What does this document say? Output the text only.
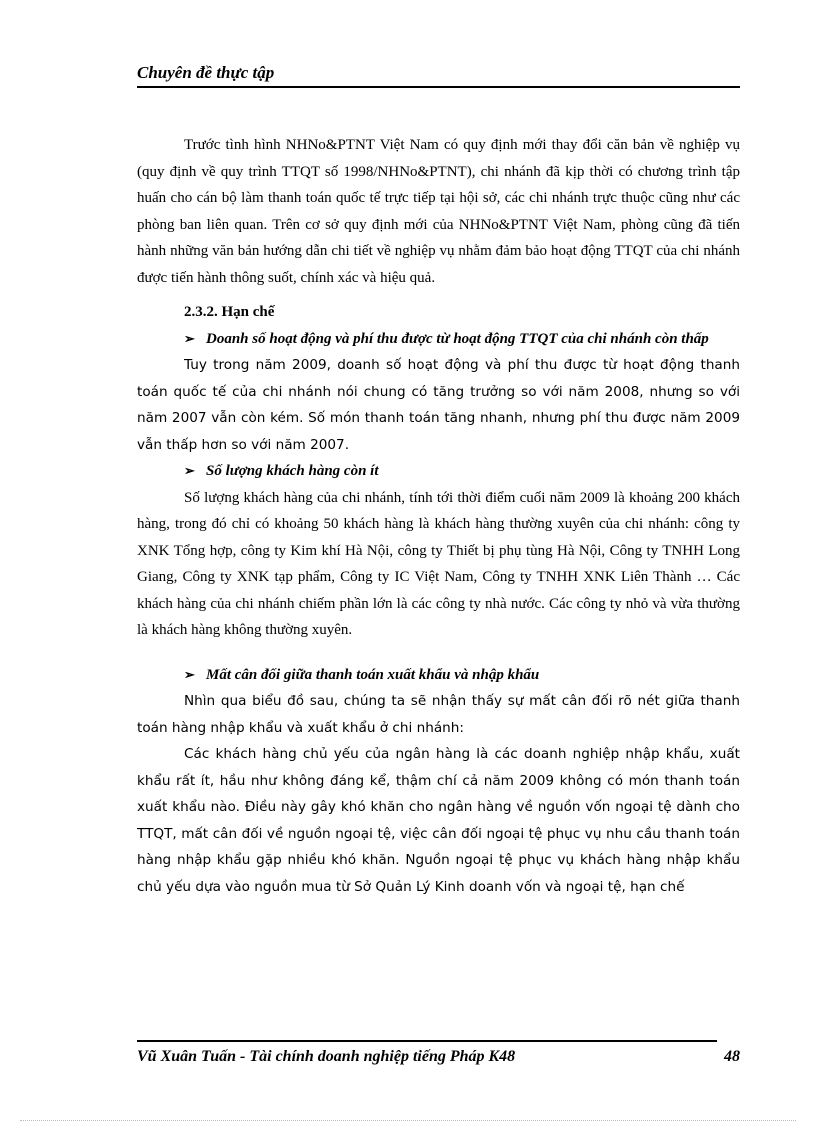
Chuyên đề thực tập

Trước tình hình NHNo&PTNT Việt Nam có quy định mới thay đổi căn bản về nghiệp vụ (quy định về quy trình TTQT số 1998/NHNo&PTNT), chi nhánh đã kịp thời có chương trình tập huấn cho cán bộ làm thanh toán quốc tế trực tiếp tại hội sở, các chi nhánh trực thuộc cũng như các phòng ban liên quan. Trên cơ sở quy định mới của NHNo&PTNT Việt Nam, phòng cũng đã tiến hành những văn bản hướng dẫn chi tiết về nghiệp vụ nhằm đảm bảo hoạt động TTQT của chi nhánh được tiến hành thông suốt, chính xác và hiệu quả.

2.3.2. Hạn chế

➢ Doanh số hoạt động và phí thu được từ hoạt động TTQT của chi nhánh còn thấp

Tuy trong năm 2009, doanh số hoạt động và phí thu được từ hoạt động thanh toán quốc tế của chi nhánh nói chung có tăng trưởng so với năm 2008, nhưng so với năm 2007 vẫn còn kém. Số món thanh toán tăng nhanh, nhưng phí thu được năm 2009 vẫn thấp hơn so với năm 2007.

➢ Số lượng khách hàng còn ít

Số lượng khách hàng của chi nhánh, tính tới thời điểm cuối năm 2009 là khoảng 200 khách hàng, trong đó chỉ có khoảng 50 khách hàng là khách hàng thường xuyên của chi nhánh: công ty XNK Tổng hợp, công ty Kim khí Hà Nội, công ty Thiết bị phụ tùng Hà Nội, Công ty TNHH Long Giang, Công ty XNK tạp phẩm, Công ty IC Việt Nam, Công ty TNHH XNK Liên Thành … Các khách hàng của chi nhánh chiếm phần lớn là các công ty nhà nước. Các công ty nhỏ và vừa thường là khách hàng không thường xuyên.

➢ Mất cân đối giữa thanh toán xuất khẩu và nhập khẩu

Nhìn qua biểu đồ sau, chúng ta sẽ nhận thấy sự mất cân đối rõ nét giữa thanh toán hàng nhập khẩu và xuất khẩu ở chi nhánh:

Các khách hàng chủ yếu của ngân hàng là các doanh nghiệp nhập khẩu, xuất khẩu rất ít, hầu như không đáng kể, thậm chí cả năm 2009 không có món thanh toán xuất khẩu nào. Điều này gây khó khăn cho ngân hàng về nguồn vốn ngoại tệ dành cho TTQT, mất cân đối về nguồn ngoại tệ, việc cân đối ngoại tệ phục vụ nhu cầu thanh toán hàng nhập khẩu gặp nhiều khó khăn. Nguồn ngoại tệ phục vụ khách hàng nhập khẩu chủ yếu dựa vào nguồn mua từ Sở Quản Lý Kinh doanh vốn và ngoại tệ, hạn chế

Vũ Xuân Tuấn - Tài chính doanh nghiệp tiếng Pháp K48	48
